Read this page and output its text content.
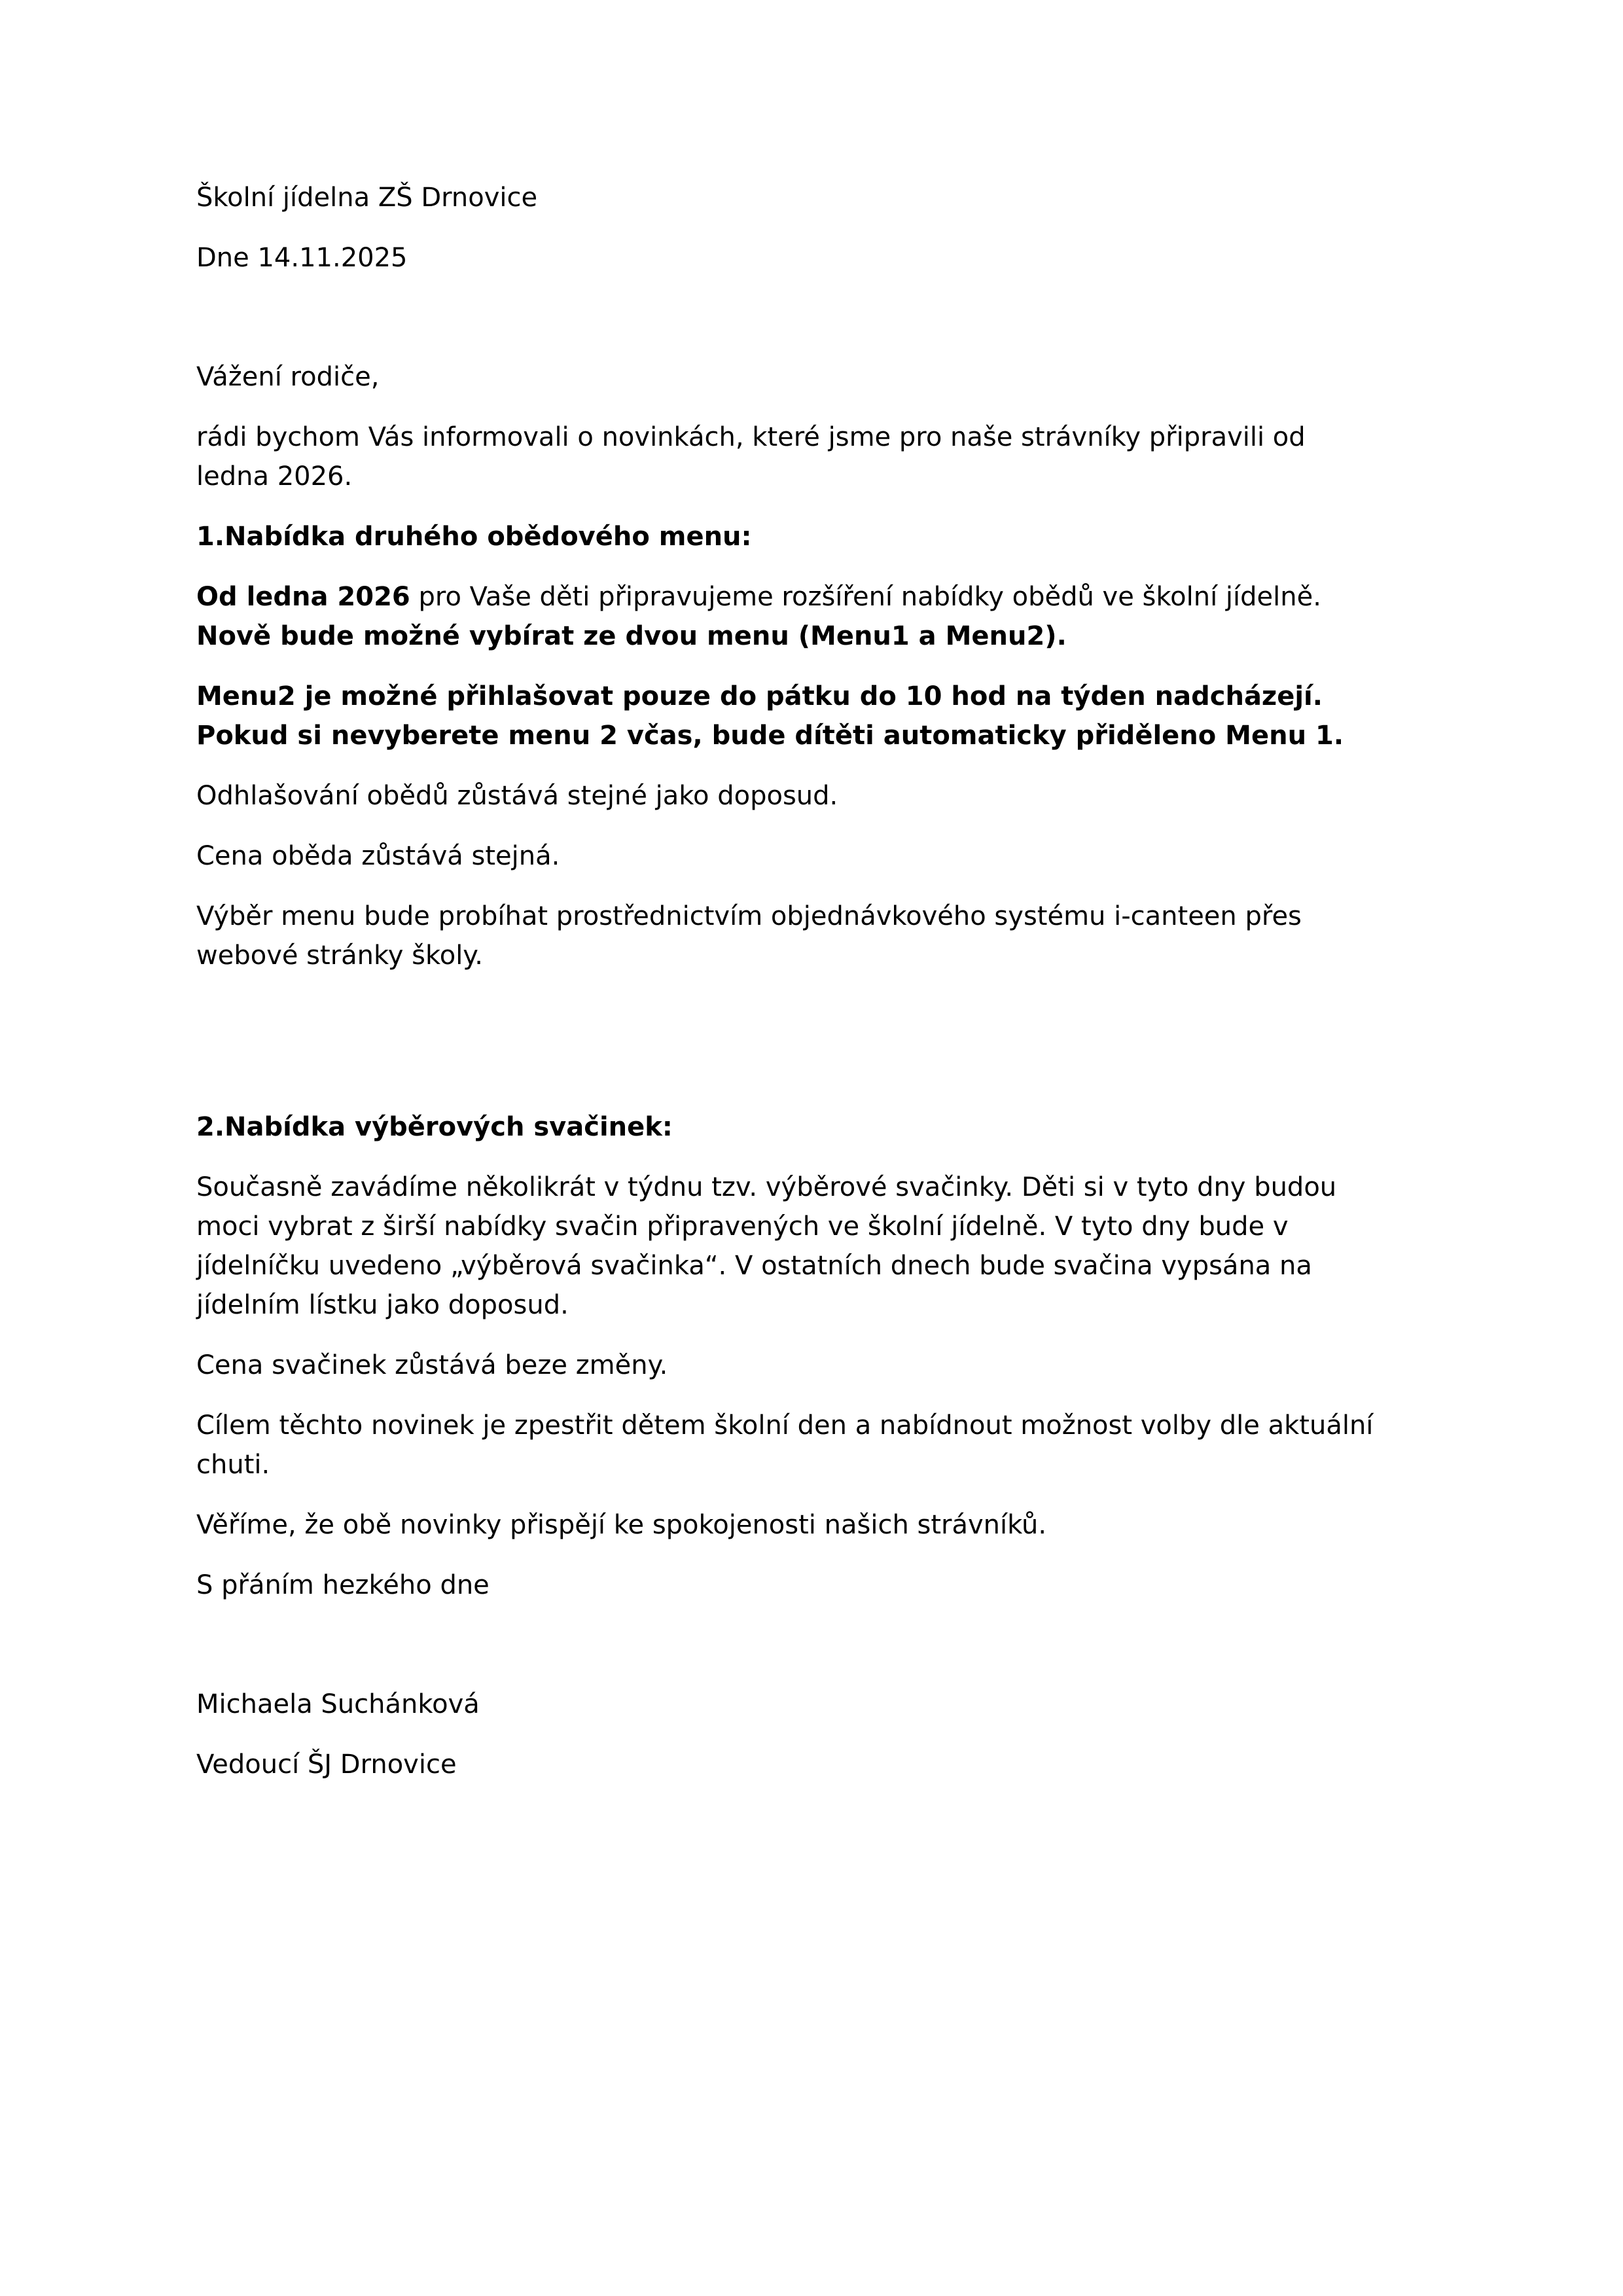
Školní jídelna ZŠ Drnovice
Dne 14.11.2025
Vážení rodiče,
rádi bychom Vás informovali o novinkách, které jsme pro naše strávníky připravili od
ledna 2026.
1.Nabídka druhého obědového menu:
Od ledna 2026 pro Vaše děti připravujeme rozšíření nabídky obědů ve školní jídelně.
Nově bude možné vybírat ze dvou menu (Menu1 a Menu2).
Menu2 je možné přihlašovat pouze do pátku do 10 hod na týden nadcházejí.
Pokud si nevyberete menu 2 včas, bude dítěti automaticky přiděleno Menu 1.
Odhlašování obědů zůstává stejné jako doposud.
Cena oběda zůstává stejná.
Výběr menu bude probíhat prostřednictvím objednávkového systému i-canteen přes
webové stránky školy.
2.Nabídka výběrových svačinek:
Současně zavádíme několikrát v týdnu tzv. výběrové svačinky. Děti si v tyto dny budou
moci vybrat z širší nabídky svačin připravených ve školní jídelně. V tyto dny bude v
jídelníčku uvedeno „výběrová svačinka“. V ostatních dnech bude svačina vypsána na
jídelním lístku jako doposud.
Cena svačinek zůstává beze změny.
Cílem těchto novinek je zpestřit dětem školní den a nabídnout možnost volby dle aktuální
chuti.
Věříme, že obě novinky přispějí ke spokojenosti našich strávníků.
S přáním hezkého dne
Michaela Suchánková
Vedoucí ŠJ Drnovice
